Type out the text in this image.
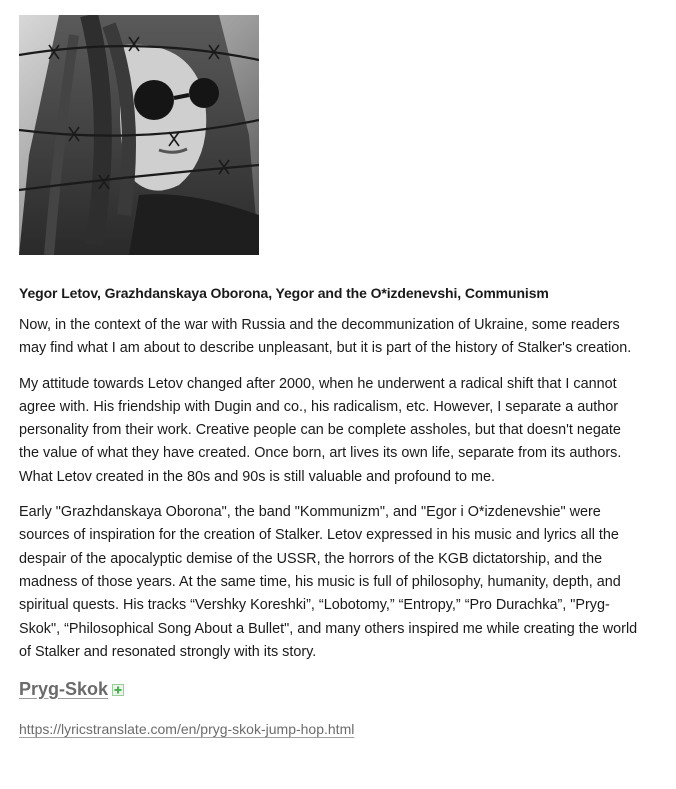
Yegor Letov, Grazhdanskaya Oborona, Yegor and the O*izdenevshi, Communism

Now, in the context of the war with Russia and the decommunization of Ukraine, some readers may find what I am about to describe unpleasant, but it is part of the history of Stalker's creation.

My attitude towards Letov changed after 2000, when he underwent a radical shift that I cannot agree with. His friendship with Dugin and co., his radicalism, etc. However, I separate a author personality from their work. Creative people can be complete assholes, but that doesn't negate the value of what they have created. Once born, art lives its own life, separate from its authors. What Letov created in the 80s and 90s is still valuable and profound to me.

Early "Grazhdanskaya Oborona", the band "Kommunizm", and "Egor i O*izdenevshie" were sources of inspiration for the creation of Stalker. Letov expressed in his music and lyrics all the despair of the apocalyptic demise of the USSR, the horrors of the KGB dictatorship, and the madness of those years. At the same time, his music is full of philosophy, humanity, depth, and spiritual quests. His tracks “Vershky Koreshki”, “Lobotomy,” “Entropy,” “Pro Durachka”, "Pryg-Skok", “Philosophical Song About a Bullet", and many others inspired me while creating the world of Stalker and resonated strongly with its story.

Pryg-Skok
https://lyricstranslate.com/en/pryg-skok-jump-hop.html
